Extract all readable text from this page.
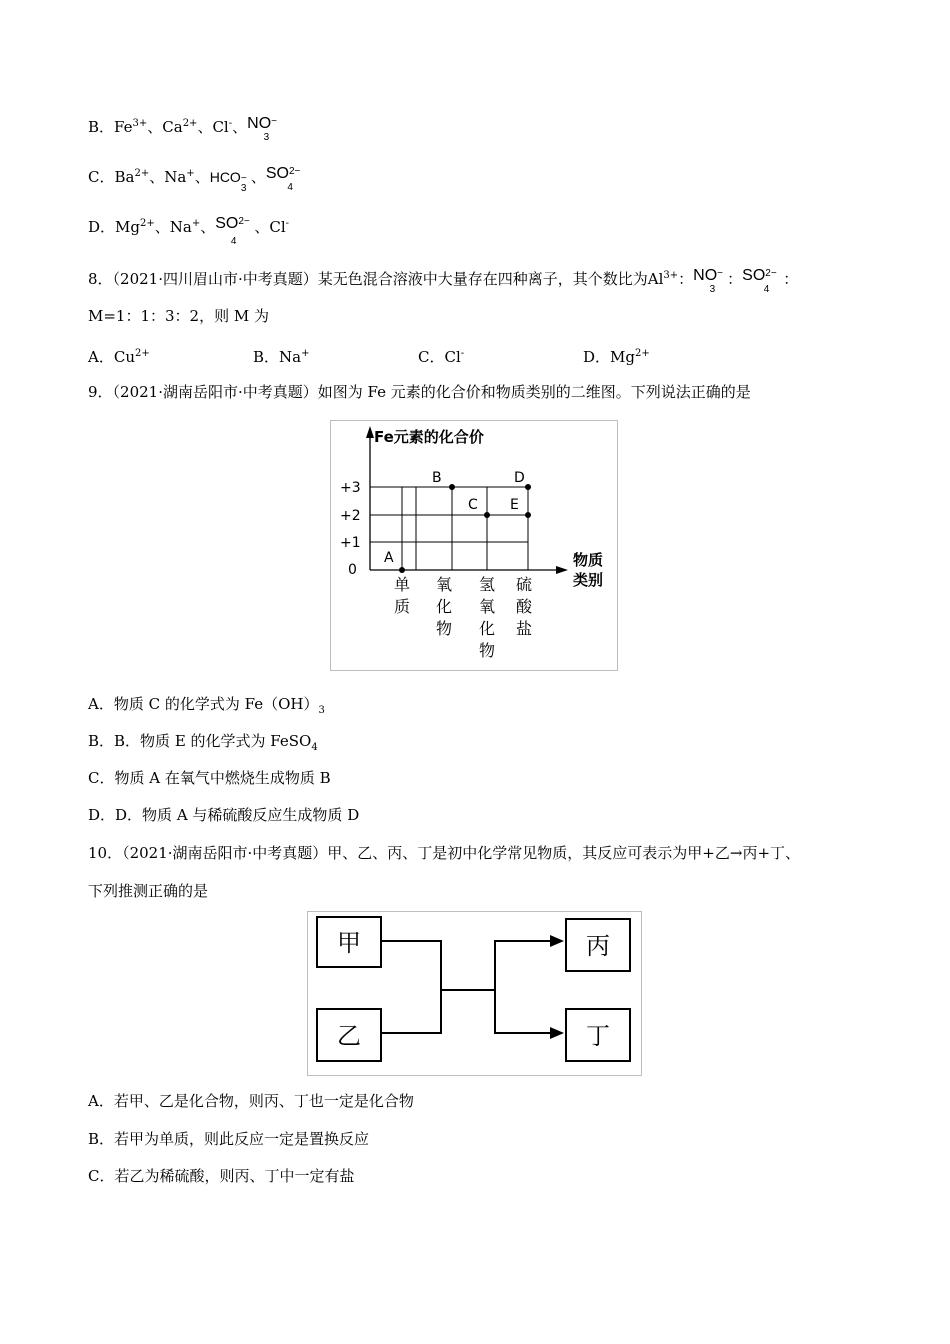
B．$Fe^{3+}$、$Ca^{2+}$、Cl-、NO −
3
C．$Ba^{2+}$、Na+、HCO −
3
、SO 2−
4
D．$Mg^{2+}$、Na+、SO 2−
4
、Cl-
8．（2021·四川眉山市·中考真题）某无色混合溶液中大量存在四种离子，其个数比为$Al^{3+}$：NO −
3
：SO 2−
4
：
M=1：1：3：2，则 M 为
A．$Cu^{2+}$	B．Na+	C．Cl-	D．$Mg^{2+}$
9．（2021·湖南岳阳市·中考真题）如图为 Fe 元素的化合价和物质类别的二维图。下列说法正确的是
Fe元素的化合价
物质
类别
+3
+2
+1
0
单
质
氧
化
物
氢
氧
化
物
硫
酸
盐
A
B
C
D
E
A．物质 C 的化学式为 $Fe(OH)_3$
B．B．物质 E 的化学式为 FeSO$_4$
C．物质 A 在氧气中燃烧生成物质 B
D．D．物质 A 与稀硫酸反应生成物质 D
10．（2021·湖南岳阳市·中考真题）甲、乙、丙、丁是初中化学常见物质，其反应可表示为甲+乙→丙+丁、
下列推测正确的是
甲
乙
丙
丁
A．若甲、乙是化合物，则丙、丁也一定是化合物
B．若甲为单质，则此反应一定是置换反应
C．若乙为稀硫酸，则丙、丁中一定有盐
